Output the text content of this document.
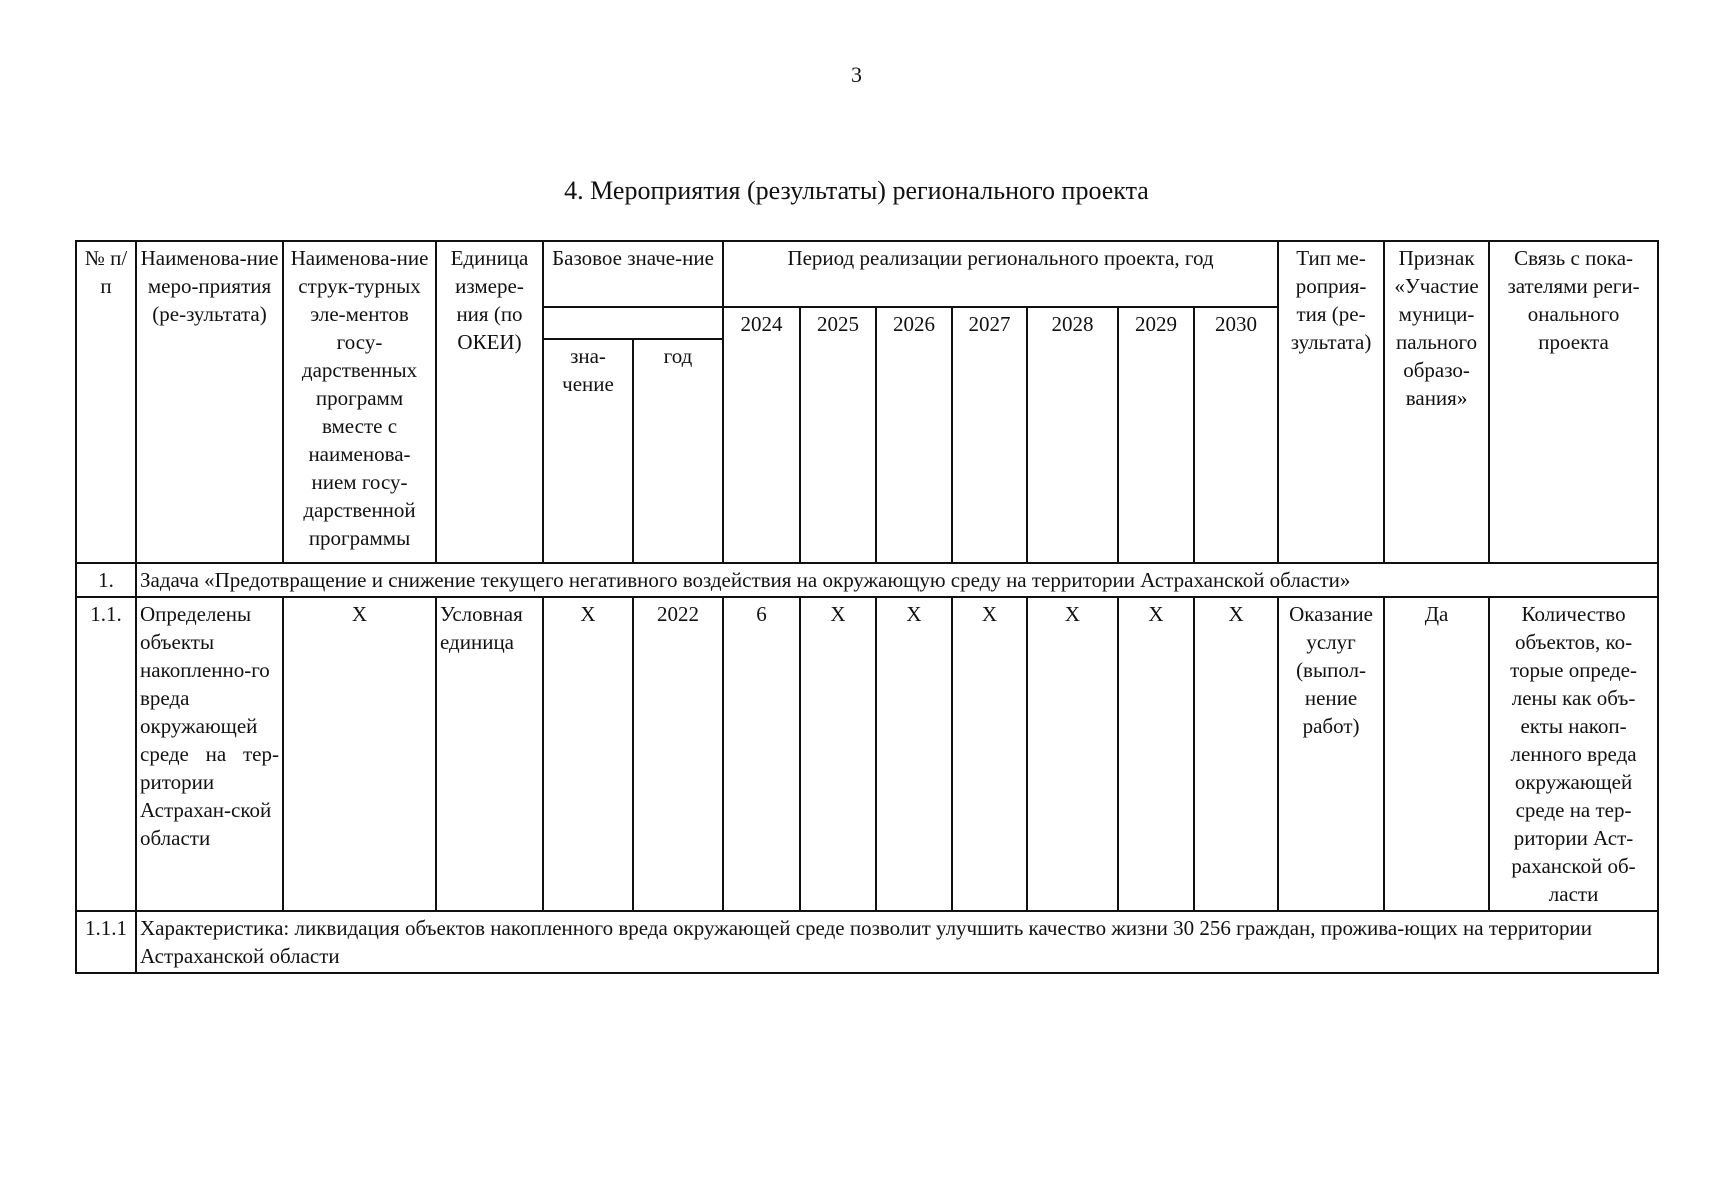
3
4. Мероприятия (результаты) регионального проекта
№ п/п	Наименова-ние меро-приятия (ре-зультата)	Наименова-ние струк-турных эле-ментов госу-дарственных программ вместе с наименова-нием госу-дарственной программы	Единица измере-ния (по ОКЕИ)	Базовое значе-ние		Период реализации регионального проекта, год							Тип ме-роприя-тия (ре-зультата)	Признак «Участие муници-пального образо-вания»	Связь с пока-зателями реги-онального проекта
						2024	2025	2026	2027	2028	2029	2030			
				зна-чение	год										
1.	Задача «Предотвращение и снижение текущего негативного воздействия на окружающую среду на территории Астраханской области»														
1.1.	Определены объекты накопленно-го вреда окружающей среде на тер-ритории Астрахан-ской области	X	Условная единица	X	2022	6	X	X	X	X	X	X	Оказание услуг (выпол-нение работ)	Да	Количество объектов, ко-торые опреде-лены как объ-екты накоп-ленного вреда окружающей среде на тер-ритории Аст-раханской об-ласти
1.1.1	Характеристика: ликвидация объектов накопленного вреда окружающей среде позволит улучшить качество жизни 30 256 граждан, прожива-ющих на территории Астраханской области														
